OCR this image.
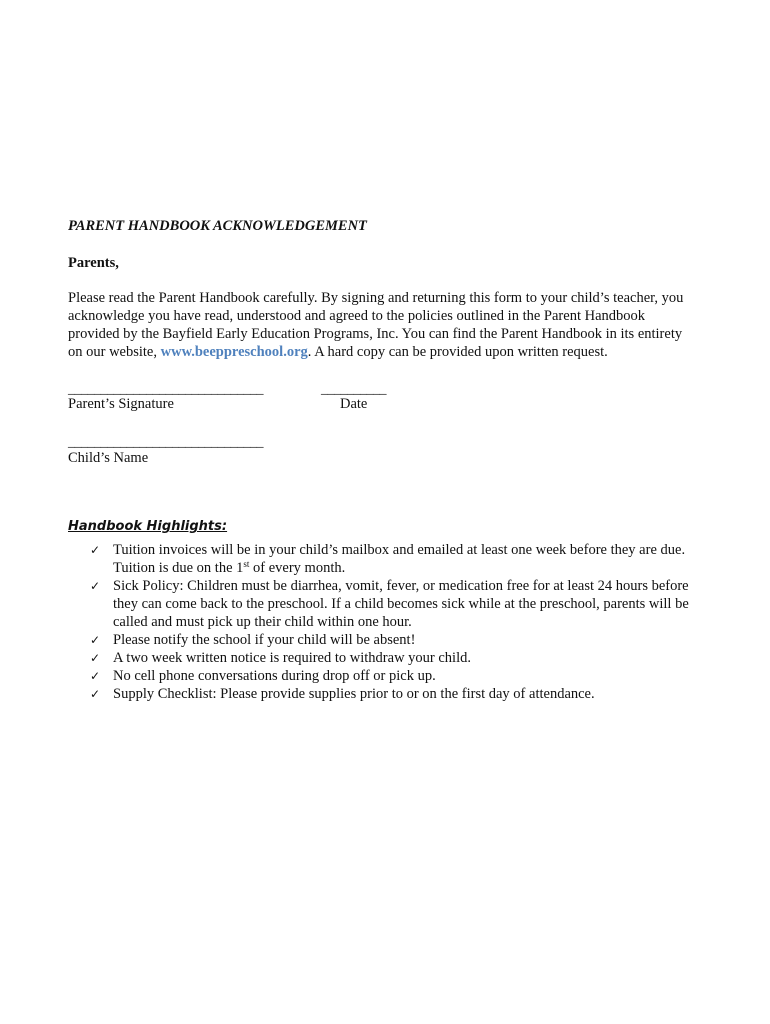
PARENT HANDBOOK ACKNOWLEDGEMENT
Parents,
Please read the Parent Handbook carefully. By signing and returning this form to your child’s teacher, you
acknowledge you have read, understood and agreed to the policies outlined in the Parent Handbook
provided by the Bayfield Early Education Programs, Inc. You can find the Parent Handbook in its entirety
on our website, www.beeppreschool.org. A hard copy can be provided upon written request.
______________________________	__________
Parent’s Signature	Date
______________________________
Child’s Name
Handbook Highlights:
✓ Tuition invoices will be in your child’s mailbox and emailed at least one week before they are due.
Tuition is due on the 1st of every month.
✓ Sick Policy: Children must be diarrhea, vomit, fever, or medication free for at least 24 hours before
they can come back to the preschool. If a child becomes sick while at the preschool, parents will be
called and must pick up their child within one hour.
✓ Please notify the school if your child will be absent!
✓ A two week written notice is required to withdraw your child.
✓ No cell phone conversations during drop off or pick up.
✓ Supply Checklist: Please provide supplies prior to or on the first day of attendance.
